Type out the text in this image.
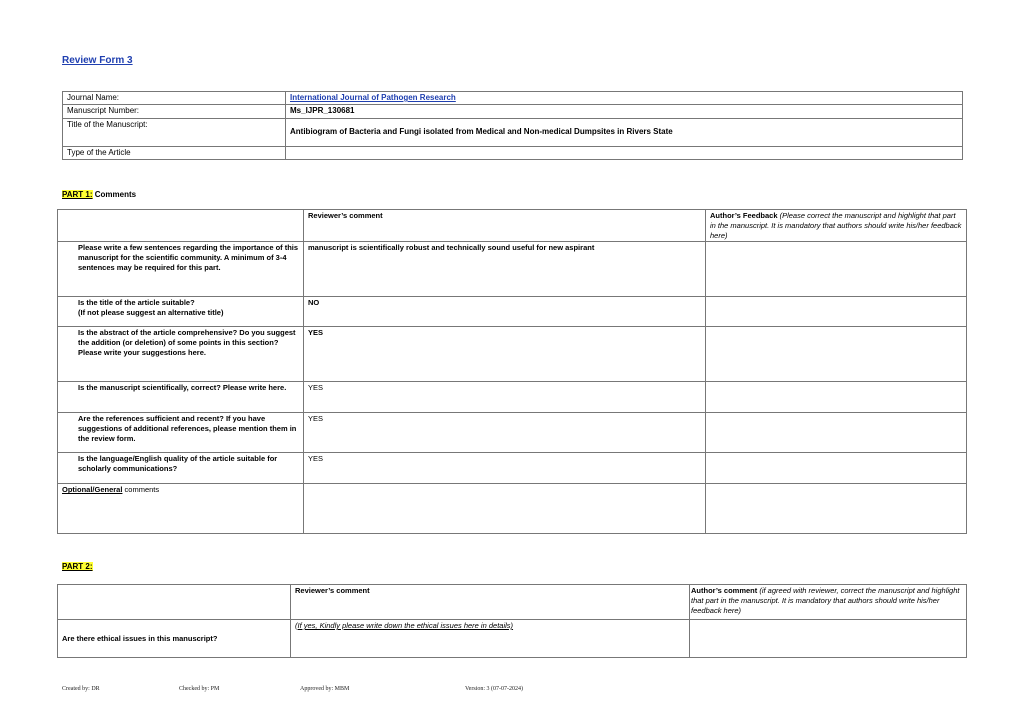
Review Form 3
Journal Name:	International Journal of Pathogen Research
Manuscript Number:	Ms_IJPR_130681
Title of the Manuscript:	Antibiogram of Bacteria and Fungi isolated from Medical and Non-medical Dumpsites in Rivers State
Type of the Article	
PART 1: Comments
	Reviewer’s comment	Author’s Feedback (Please correct the manuscript and highlight that part in the manuscript. It is mandatory that authors should write his/her feedback here)
Please write a few sentences regarding the importance of this manuscript for the scientific community. A minimum of 3-4 sentences may be required for this part.	manuscript is scientifically robust and technically sound useful for new aspirant	
Is the title of the article suitable?
(If not please suggest an alternative title)	NO	
Is the abstract of the article comprehensive? Do you suggest the addition (or deletion) of some points in this section? Please write your suggestions here.	YES	
Is the manuscript scientifically, correct? Please write here.	YES	
Are the references sufficient and recent? If you have suggestions of additional references, please mention them in the review form.	YES	
Is the language/English quality of the article suitable for scholarly communications?	YES	
Optional/General comments		
PART 2:
	Reviewer’s comment	Author’s comment (if agreed with reviewer, correct the manuscript and highlight that part in the manuscript. It is mandatory that authors should write his/her feedback here)
Are there ethical issues in this manuscript?	(If yes, Kindly please write down the ethical issues here in details)	
Created by: DR	Checked by: PM	Approved by: MBM	Version: 3 (07-07-2024)
